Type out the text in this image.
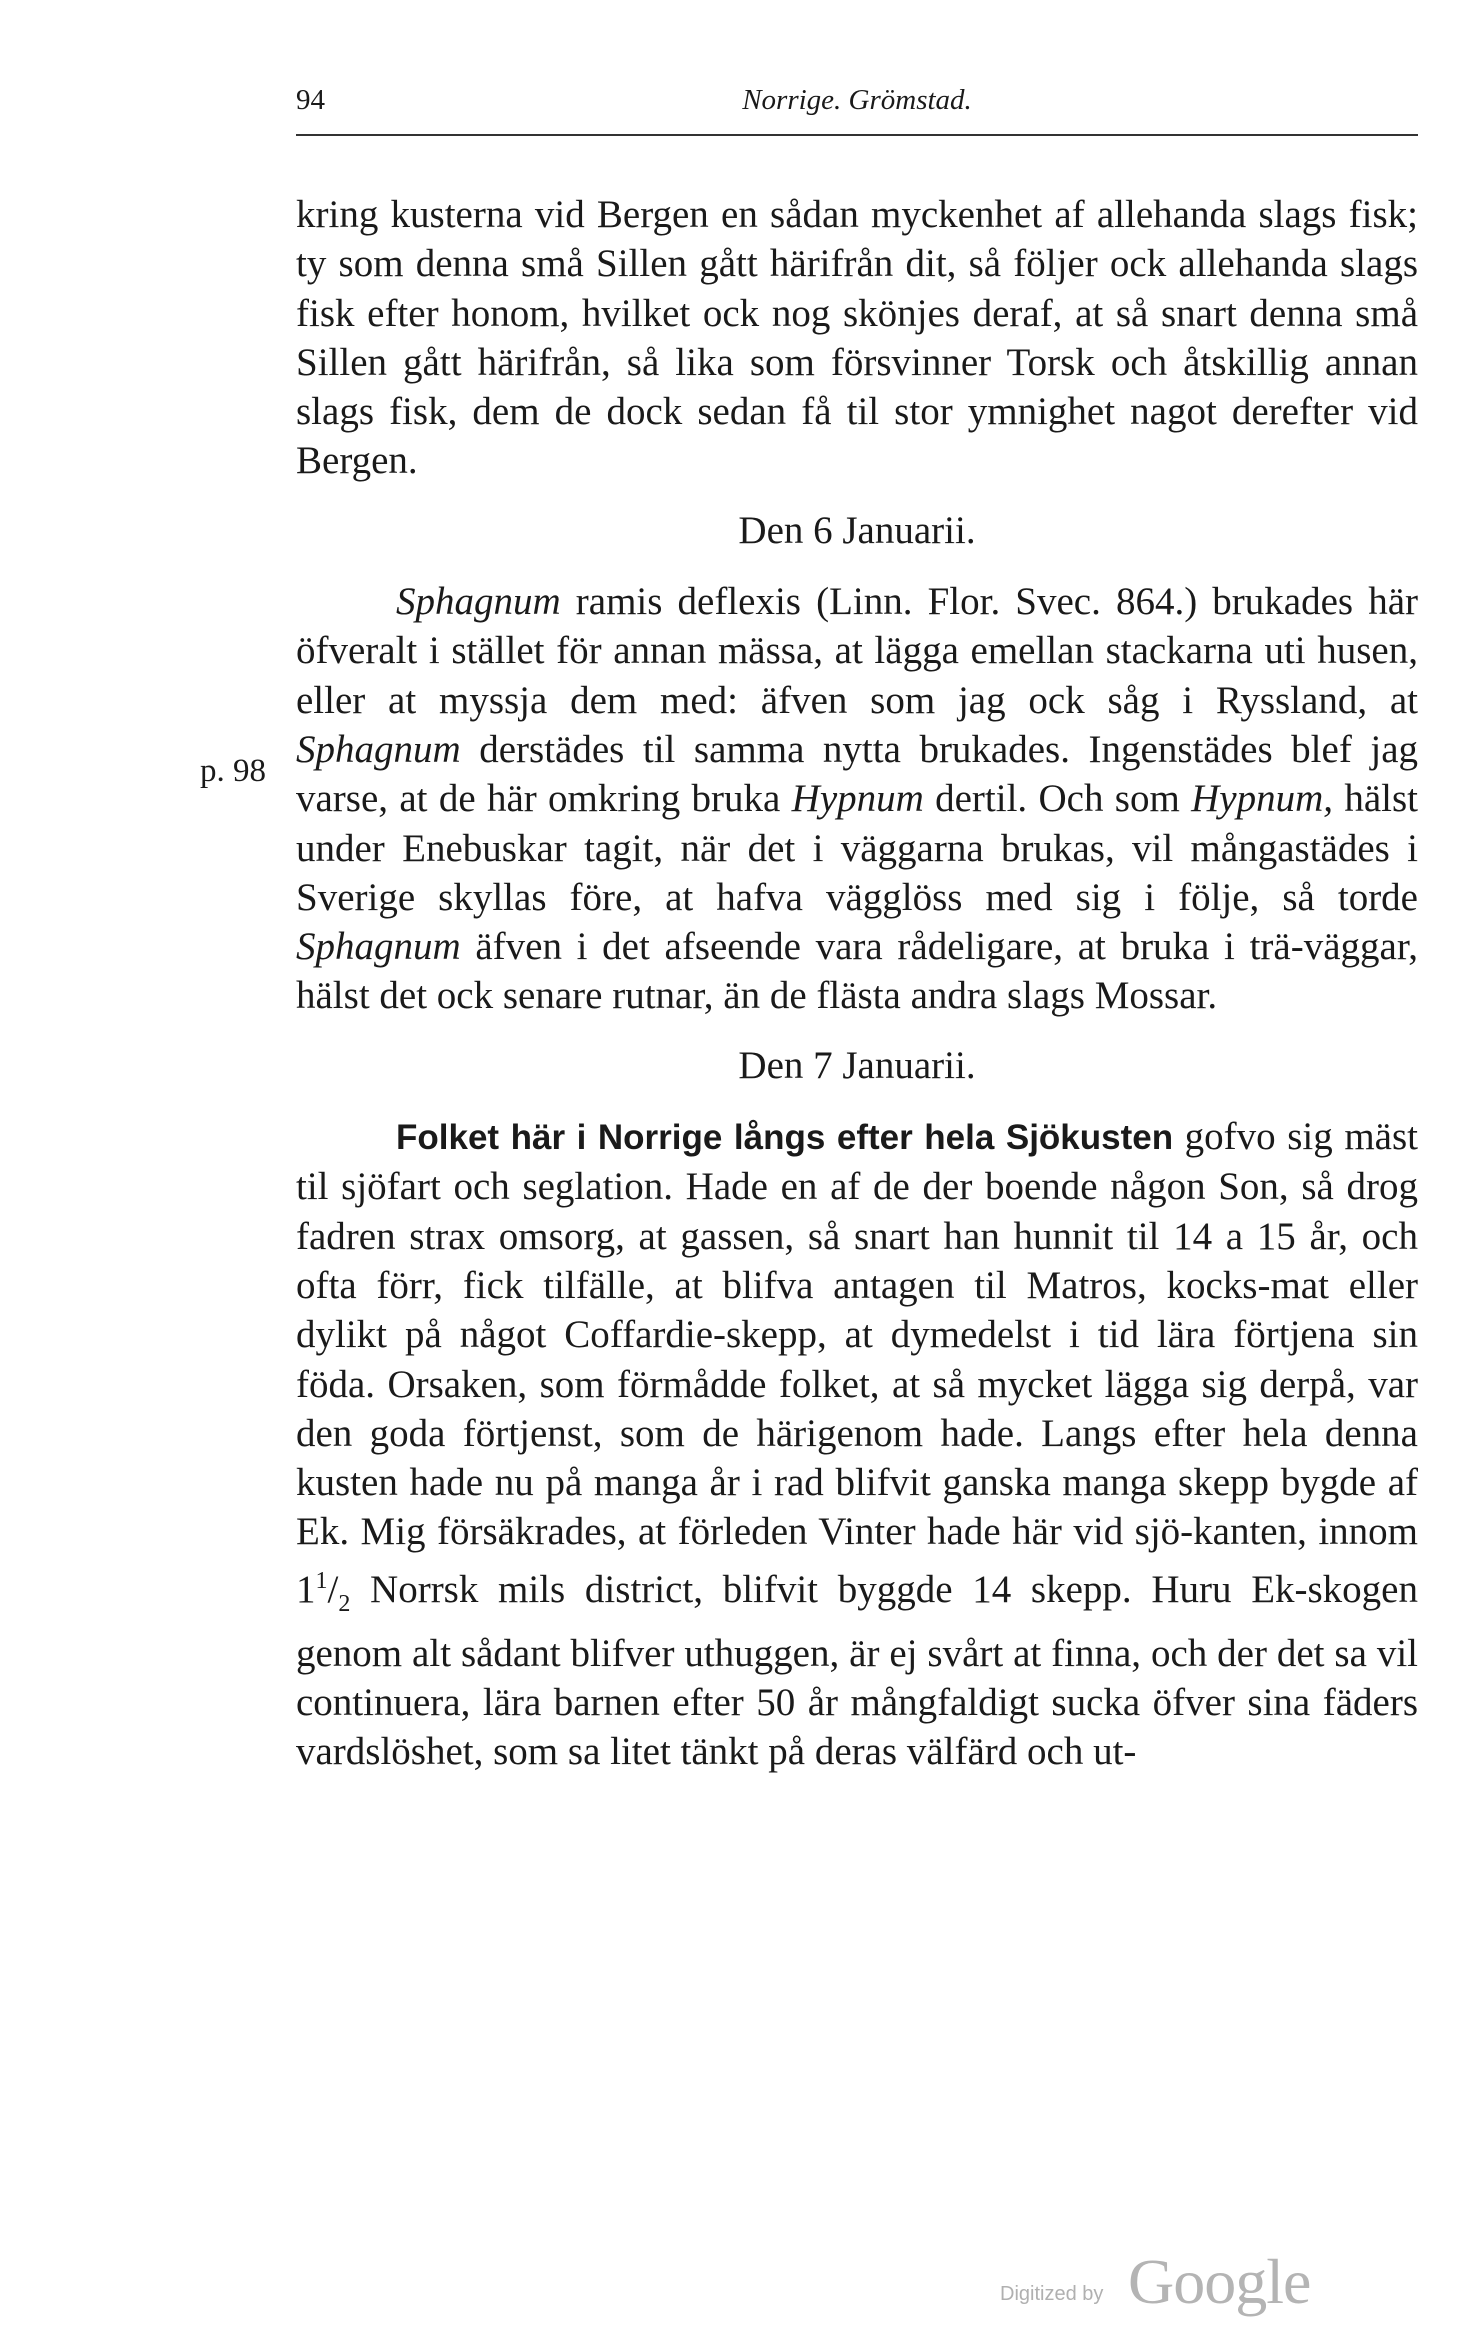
94	Norrige. Grömstad.
p. 98

kring kusterna vid Bergen en sådan myckenhet af allehanda slags fisk; ty som denna små Sillen gått härifrån dit, så följer ock allehanda slags fisk efter honom, hvilket ock nog skönjes deraf, at så snart denna små Sillen gått härifrån, så lika som försvinner Torsk och åtskillig annan slags fisk, dem de dock sedan få til stor ymnighet nagot derefter vid Bergen.

Den 6 Januarii.

Sphagnum ramis deflexis (Linn. Flor. Svec. 864.) brukades här öfveralt i stället för annan mässa, at lägga emellan stackarna uti husen, eller at myssja dem med: äfven som jag ock såg i Ryssland, at Sphagnum derstädes til samma nytta brukades. Ingenstädes blef jag varse, at de här omkring bruka Hypnum dertil. Och som Hypnum, hälst under Enebuskar tagit, när det i väggarna brukas, vil mångastädes i Sverige skyllas före, at hafva vägglöss med sig i följe, så torde Sphagnum äfven i det afseende vara rådeligare, at bruka i trä-väggar, hälst det ock senare rutnar, än de flästa andra slags Mossar.

Den 7 Januarii.

Folket här i Norrige långs efter hela Sjökusten gofvo sig mäst til sjöfart och seglation. Hade en af de der boende någon Son, så drog fadren strax omsorg, at gassen, så snart han hunnit til 14 a 15 år, och ofta förr, fick tilfälle, at blifva antagen til Matros, kocks-mat eller dylikt på något Coffardie-skepp, at dymedelst i tid lära förtjena sin föda. Orsaken, som förmådde folket, at så mycket lägga sig derpå, var den goda förtjenst, som de härigenom hade. Langs efter hela denna kusten hade nu på manga år i rad blifvit ganska manga skepp bygde af Ek. Mig försäkrades, at förleden Vinter hade här vid sjö-kanten, innom $1^1/_2$ Norrsk mils district, blifvit byggde 14 skepp. Huru Ek-skogen genom alt sådant blifver uthuggen, är ej svårt at finna, och der det sa vil continuera, lära barnen efter 50 år mångfaldigt sucka öfver sina fäders vardslöshet, som sa litet tänkt på deras välfärd och ut-

Digitized by Google
